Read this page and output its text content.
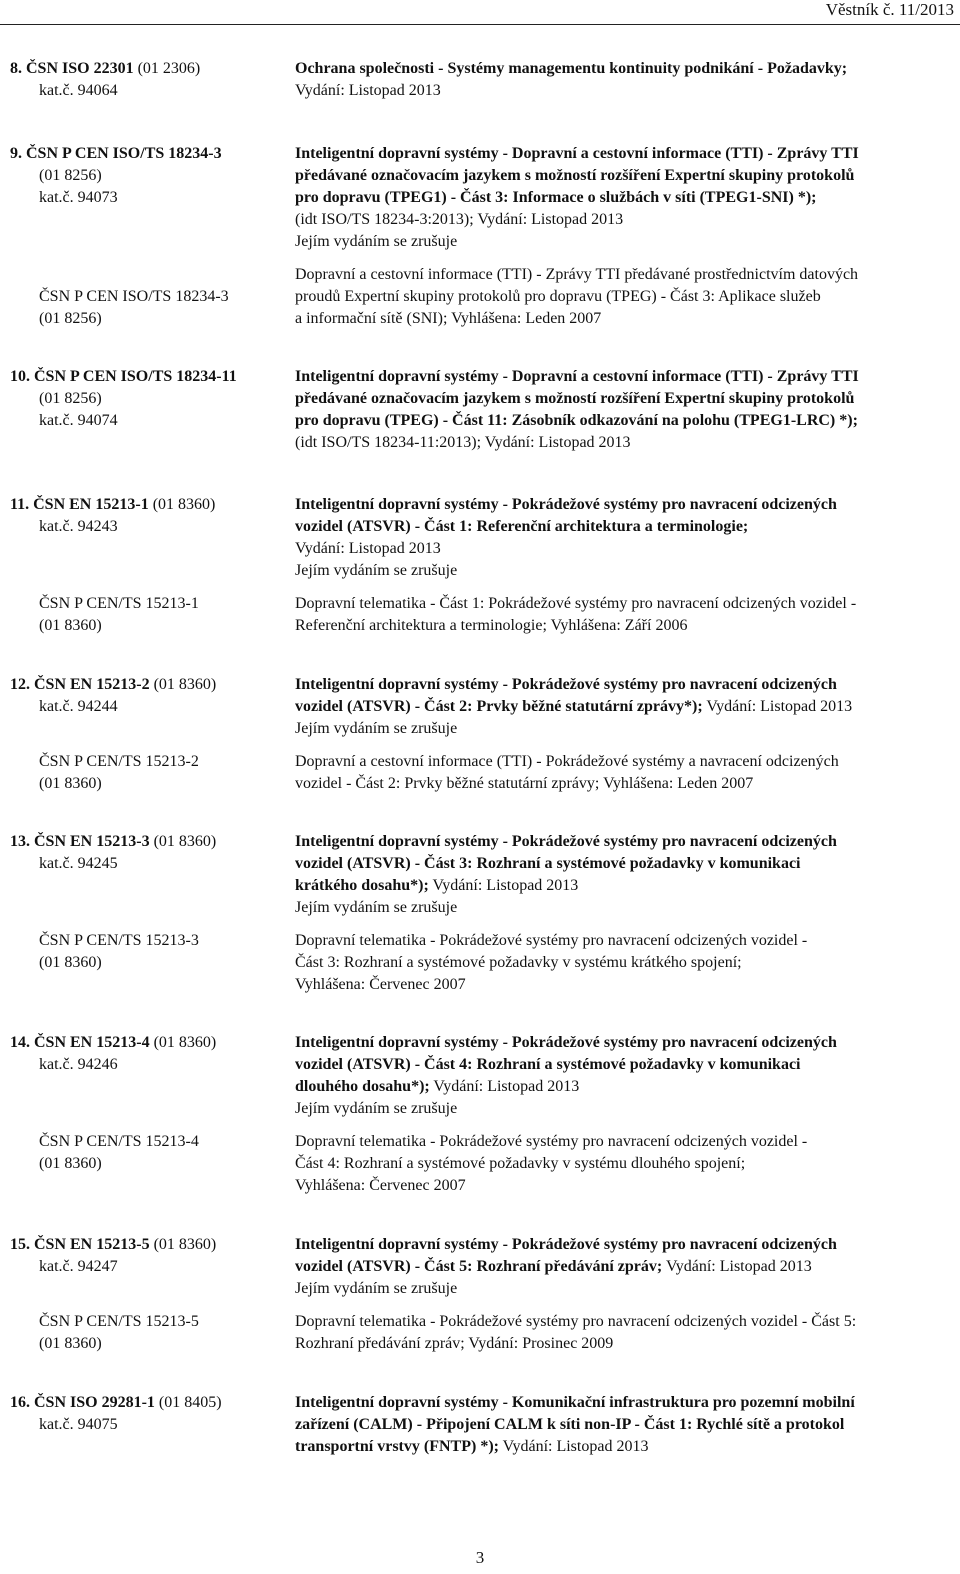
Věstník č. 11/2013
8. ČSN ISO 22301 (01 2306)
kat.č. 94064
Ochrana společnosti - Systémy managementu kontinuity podnikání - Požadavky;
Vydání: Listopad 2013
9. ČSN P CEN ISO/TS 18234-3
(01 8256)
kat.č. 94073
ČSN P CEN ISO/TS 18234-3
(01 8256)
Inteligentní dopravní systémy - Dopravní a cestovní informace (TTI) - Zprávy TTI
předávané označovacím jazykem s možností rozšíření Expertní skupiny protokolů
pro dopravu (TPEG1) - Část 3: Informace o službách v síti (TPEG1-SNI) *);
(idt ISO/TS 18234-3:2013); Vydání: Listopad 2013
Jejím vydáním se zrušuje
Dopravní a cestovní informace (TTI) - Zprávy TTI předávané prostřednictvím datových
proudů Expertní skupiny protokolů pro dopravu (TPEG) - Část 3: Aplikace služeb
a informační sítě (SNI); Vyhlášena: Leden 2007
10. ČSN P CEN ISO/TS 18234-11
(01 8256)
kat.č. 94074
Inteligentní dopravní systémy - Dopravní a cestovní informace (TTI) - Zprávy TTI
předávané označovacím jazykem s možností rozšíření Expertní skupiny protokolů
pro dopravu (TPEG) - Část 11: Zásobník odkazování na polohu (TPEG1-LRC) *);
(idt ISO/TS 18234-11:2013); Vydání: Listopad 2013
11. ČSN EN 15213-1 (01 8360)
kat.č. 94243
ČSN P CEN/TS 15213-1
(01 8360)
Inteligentní dopravní systémy - Pokrádežové systémy pro navracení odcizených
vozidel (ATSVR) - Část 1: Referenční architektura a terminologie;
Vydání: Listopad 2013
Jejím vydáním se zrušuje
Dopravní telematika - Část 1: Pokrádežové systémy pro navracení odcizených vozidel -
Referenční architektura a terminologie; Vyhlášena: Září 2006
12. ČSN EN 15213-2 (01 8360)
kat.č. 94244
ČSN P CEN/TS 15213-2
(01 8360)
Inteligentní dopravní systémy - Pokrádežové systémy pro navracení odcizených
vozidel (ATSVR) - Část 2: Prvky běžné statutární zprávy*); Vydání: Listopad 2013
Jejím vydáním se zrušuje
Dopravní a cestovní informace (TTI) - Pokrádežové systémy a navracení odcizených
vozidel - Část 2: Prvky běžné statutární zprávy; Vyhlášena: Leden 2007
13. ČSN EN 15213-3 (01 8360)
kat.č. 94245
ČSN P CEN/TS 15213-3
(01 8360)
Inteligentní dopravní systémy - Pokrádežové systémy pro navracení odcizených
vozidel (ATSVR) - Část 3: Rozhraní a systémové požadavky v komunikaci
krátkého dosahu*); Vydání: Listopad 2013
Jejím vydáním se zrušuje
Dopravní telematika - Pokrádežové systémy pro navracení odcizených vozidel -
Část 3: Rozhraní a systémové požadavky v systému krátkého spojení;
Vyhlášena: Červenec 2007
14. ČSN EN 15213-4 (01 8360)
kat.č. 94246
ČSN P CEN/TS 15213-4
(01 8360)
Inteligentní dopravní systémy - Pokrádežové systémy pro navracení odcizených
vozidel (ATSVR) - Část 4: Rozhraní a systémové požadavky v komunikaci
dlouhého dosahu*); Vydání: Listopad 2013
Jejím vydáním se zrušuje
Dopravní telematika - Pokrádežové systémy pro navracení odcizených vozidel -
Část 4: Rozhraní a systémové požadavky v systému dlouhého spojení;
Vyhlášena: Červenec 2007
15. ČSN EN 15213-5 (01 8360)
kat.č. 94247
ČSN P CEN/TS 15213-5
(01 8360)
Inteligentní dopravní systémy - Pokrádežové systémy pro navracení odcizených
vozidel (ATSVR) - Část 5: Rozhraní předávání zpráv; Vydání: Listopad 2013
Jejím vydáním se zrušuje
Dopravní telematika - Pokrádežové systémy pro navracení odcizených vozidel - Část 5:
Rozhraní předávání zpráv; Vydání: Prosinec 2009
16. ČSN ISO 29281-1 (01 8405)
kat.č. 94075
Inteligentní dopravní systémy - Komunikační infrastruktura pro pozemní mobilní
zařízení (CALM) - Připojení CALM k síti non-IP - Část 1: Rychlé sítě a protokol
transportní vrstvy (FNTP) *); Vydání: Listopad 2013
3
